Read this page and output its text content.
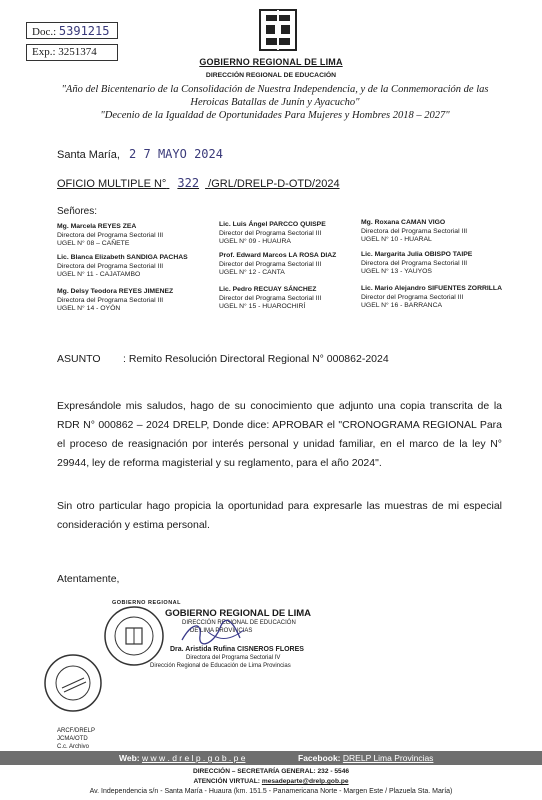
Doc.: 5391215
Exp.: 3251374
GOBIERNO REGIONAL DE LIMA
DIRECCIÓN REGIONAL DE EDUCACIÓN
"Año del Bicentenario de la Consolidación de Nuestra Independencia, y de la Conmemoración de las
Heroicas Batallas de Junín y Ayacucho"
"Decenio de la Igualdad de Oportunidades Para Mujeres y Hombres 2018 – 2027"
Santa María, 2 7 MAYO 2024
OFICIO MULTIPLE N° 322 /GRL/DRELP-D-OTD/2024
Señores:
Mg. Marcela REYES ZEA
Directora del Programa Sectorial III
UGEL N° 08 – CAÑETE
Lic. Luis Ángel PARCCO QUISPE
Director del Programa Sectorial III
UGEL N° 09 - HUAURA
Mg. Roxana CAMAN VIGO
Directora del Programa Sectorial III
UGEL N° 10 - HUARAL
Lic. Blanca Elizabeth SANDIGA PACHAS
Directora del Programa Sectorial III
UGEL N° 11 - CAJATAMBO
Prof. Edward Marcos LA ROSA DIAZ
Director del Programa Sectorial III
UGEL N° 12 - CANTA
Lic. Margarita Julia OBISPO TAIPE
Directora del Programa Sectorial III
UGEL N° 13 - YAUYOS
Mg. Delsy Teodora REYES JIMENEZ
Directora del Programa Sectorial III
UGEL N° 14 - OYÓN
Lic. Pedro RECUAY SÁNCHEZ
Director del Programa Sectorial III
UGEL N° 15 - HUAROCHIRÍ
Lic. Mario Alejandro SIFUENTES ZORRILLA
Director del Programa Sectorial III
UGEL N° 16 - BARRANCA
ASUNTO : Remito Resolución Directoral Regional N° 000862-2024
Expresándole mis saludos, hago de su conocimiento que adjunto una copia transcrita de la RDR N° 000862 – 2024 DRELP, Donde dice: APROBAR el "CRONOGRAMA REGIONAL Para el proceso de reasignación por interés personal y unidad familiar, en el marco de la ley N° 29944, ley de reforma magisterial y su reglamento, para el año 2024".
Sin otro particular hago propicia la oportunidad para expresarle las muestras de mi especial consideración y estima personal.
Atentamente,
GOBIERNO REGIONAL
GOBIERNO REGIONAL DE LIMA
DIRECCIÓN REGIONAL DE EDUCACIÓN
DE LIMA PROVINCIAS
Dra. Aristida Rufina CISNEROS FLORES
Directora del Programa Sectorial IV
Dirección Regional de Educación de Lima Provincias
ARCF/DRELP
JCMA/OTD
C.c. Archivo
Web: w w w . d r e l p . g o b . p e	Facebook: DRELP Lima Provincias
DIRECCIÓN – SECRETARÍA GENERAL: 232 - 5546
ATENCIÓN VIRTUAL: mesadeparte@drelp.gob.pe
Av. Independencia s/n - Santa María - Huaura (km. 151.5 - Panamericana Norte - Margen Este / Plazuela Sta. María)
